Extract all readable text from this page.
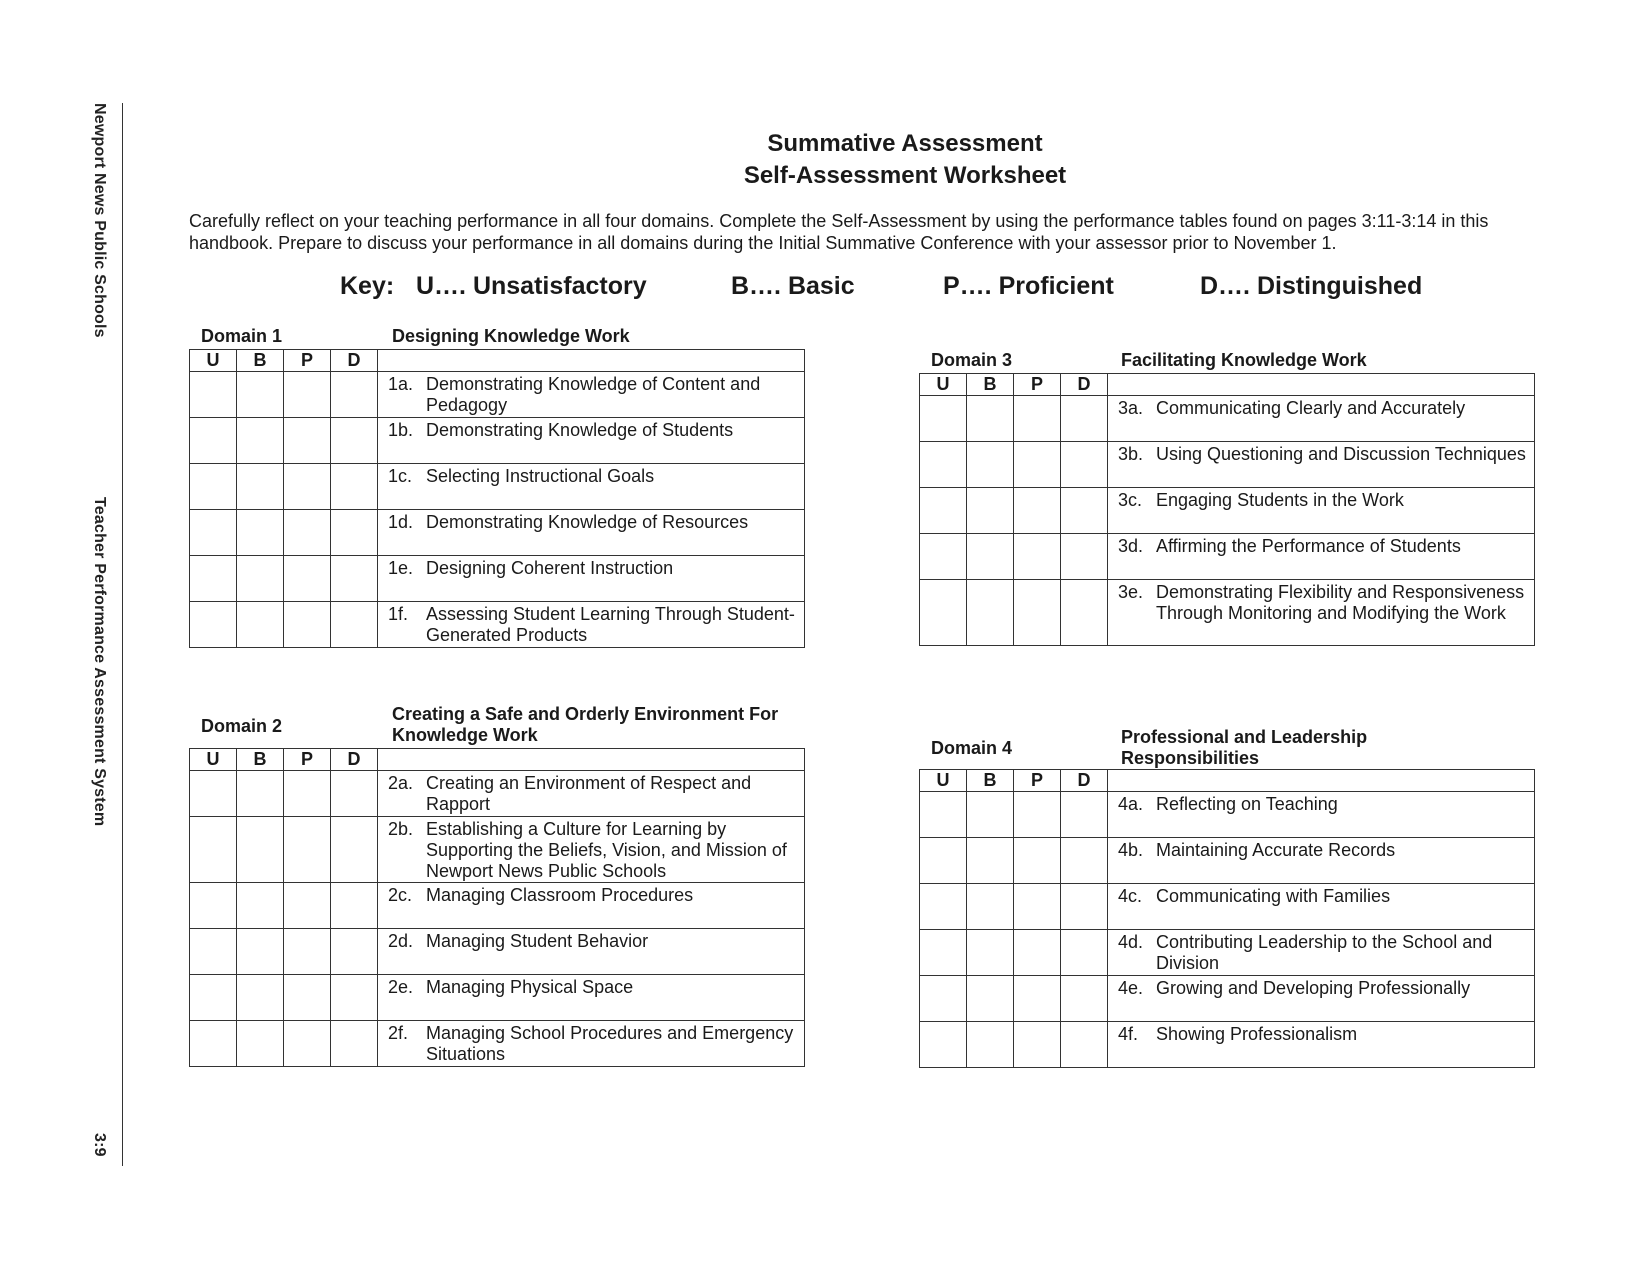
Newport News Public Schools
Teacher Performance Assessment System
3:9
Summative Assessment
Self-Assessment Worksheet
Carefully reflect on your teaching performance in all four domains. Complete the Self-Assessment by using the performance tables found on pages 3:11-3:14 in this handbook. Prepare to discuss your performance in all domains during the Initial Summative Conference with your assessor prior to November 1.
Key: U…. Unsatisfactory	B…. Basic	P…. Proficient	D…. Distinguished
Domain 1	Designing Knowledge Work
U	B	P	D	

				1a. Demonstrating Knowledge of Content and Pedagogy

				1b. Demonstrating Knowledge of Students

				1c. Selecting Instructional Goals

				1d. Demonstrating Knowledge of Resources

				1e. Designing Coherent Instruction

				1f. Assessing Student Learning Through Student-Generated Products
Domain 2
Creating a Safe and Orderly Environment For Knowledge Work
U	B	P	D	

				2a. Creating an Environment of Respect and Rapport

				2b. Establishing a Culture for Learning by Supporting the Beliefs, Vision, and Mission of Newport News Public Schools

				2c. Managing Classroom Procedures

				2d. Managing Student Behavior

				2e. Managing Physical Space

				2f. Managing School Procedures and Emergency Situations
Domain 3	Facilitating Knowledge Work
U	B	P	D	

				3a. Communicating Clearly and Accurately

				3b. Using Questioning and Discussion Techniques

				3c. Engaging Students in the Work

				3d. Affirming the Performance of Students

				3e. Demonstrating Flexibility and Responsiveness Through Monitoring and Modifying the Work
Domain 4
Professional and Leadership Responsibilities
U	B	P	D	

				4a. Reflecting on Teaching

				4b. Maintaining Accurate Records

				4c. Communicating with Families

				4d. Contributing Leadership to the School and Division

				4e. Growing and Developing Professionally

				4f. Showing Professionalism
